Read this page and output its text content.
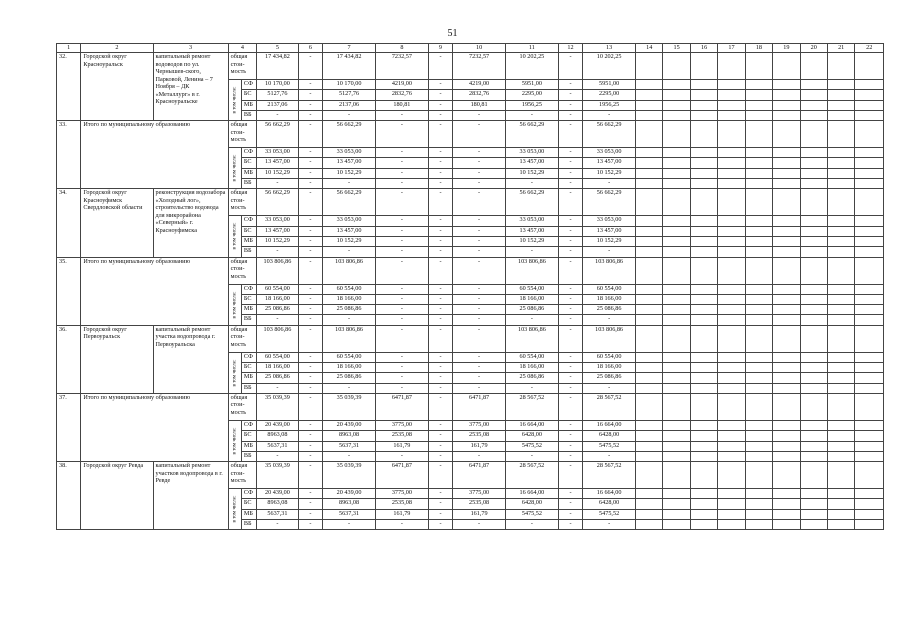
51
1	2	3	4		5	6	7	8	9	10	11	12	13	14	15	16	17	18	19	20	21	22
32.	Городской округ Красноуральск	капитальный ремонт водоводов по ул. Чернышев-ского, Парковой, Ленина – 7 Ноября – ДК «Металлург» в г. Красноуральске	общая стои-мость		17 434,82	-	17 434,82	7232,57	-	7232,57	10 202,25	-	10 202,25									

			в том числе:	СФ	10 170,00	-	10 170,00	4219,00	-	4219,00	5951,00	-	5951,00									
				БС	5127,76	-	5127,76	2832,76	-	2832,76	2295,00	-	2295,00									
				МБ	2137,06	-	2137,06	180,81	-	180,81	1956,25	-	1956,25									
				ВБ	-	-	-	-	-	-	-	-	-									
33.	Итого по муниципальному образованию		общая стои-мость		56 662,29	-	56 662,29	-	-	-	56 662,29	-	56 662,29									

			в том числе:	СФ	33 053,00	-	33 053,00	-	-	-	33 053,00	-	33 053,00									
				БС	13 457,00	-	13 457,00	-	-	-	13 457,00	-	13 457,00									
				МБ	10 152,29	-	10 152,29	-	-	-	10 152,29	-	10 152,29									
				ВБ	-	-	-	-	-	-	-	-	-									
34.	Городской округ Красноуфимск Свердловской области	реконструкция водозабора «Холодный лог», строительство водовода для микрорайона «Северный» г. Красноуфимска	общая стои-мость		56 662,29	-	56 662,29	-	-	-	56 662,29	-	56 662,29									

			в том числе:	СФ	33 053,00	-	33 053,00	-	-	-	33 053,00	-	33 053,00									
				БС	13 457,00	-	13 457,00	-	-	-	13 457,00	-	13 457,00									
				МБ	10 152,29	-	10 152,29	-	-	-	10 152,29	-	10 152,29									
				ВБ	-	-	-	-	-	-	-	-	-									
35.	Итого по муниципальному образованию		общая стои-мость		103 806,86	-	103 806,86	-	-	-	103 806,86	-	103 806,86									

			в том числе:	СФ	60 554,00	-	60 554,00	-	-	-	60 554,00	-	60 554,00									
				БС	18 166,00	-	18 166,00	-	-	-	18 166,00	-	18 166,00									
				МБ	25 086,86	-	25 086,86	-	-	-	25 086,86	-	25 086,86									
				ВБ	-	-	-	-	-	-	-	-	-									
36.	Городской округ Первоуральск	капитальный ремонт участка водопровода г. Первоуральска	общая стои-мость		103 806,86	-	103 806,86	-	-	-	103 806,86	-	103 806,86									

			в том числе:	СФ	60 554,00	-	60 554,00	-	-	-	60 554,00	-	60 554,00									
				БС	18 166,00	-	18 166,00	-	-	-	18 166,00	-	18 166,00									
				МБ	25 086,86	-	25 086,86	-	-	-	25 086,86	-	25 086,86									
				ВБ	-	-	-	-	-	-	-	-	-									
37.	Итого по муниципальному образованию		общая стои-мость		35 039,39	-	35 039,39	6471,87	-	6471,87	28 567,52	-	28 567,52									

			в том числе:	СФ	20 439,00	-	20 439,00	3775,00	-	3775,00	16 664,00	-	16 664,00									
				БС	8963,08	-	8963,08	2535,08	-	2535,08	6428,00	-	6428,00									
				МБ	5637,31	-	5637,31	161,79	-	161,79	5475,52	-	5475,52									
				ВБ	-	-	-	-	-	-	-	-	-									
38.	Городской округ Ревда	капитальный ремонт участков водопровода в г. Ревде	общая стои-мость		35 039,39	-	35 039,39	6471,87	-	6471,87	28 567,52	-	28 567,52									

			в том числе:	СФ	20 439,00	-	20 439,00	3775,00	-	3775,00	16 664,00	-	16 664,00									
				БС	8963,08	-	8963,08	2535,08	-	2535,08	6428,00	-	6428,00									
				МБ	5637,31	-	5637,31	161,79	-	161,79	5475,52	-	5475,52									
				ВБ	-	-	-	-	-	-	-	-	-									
